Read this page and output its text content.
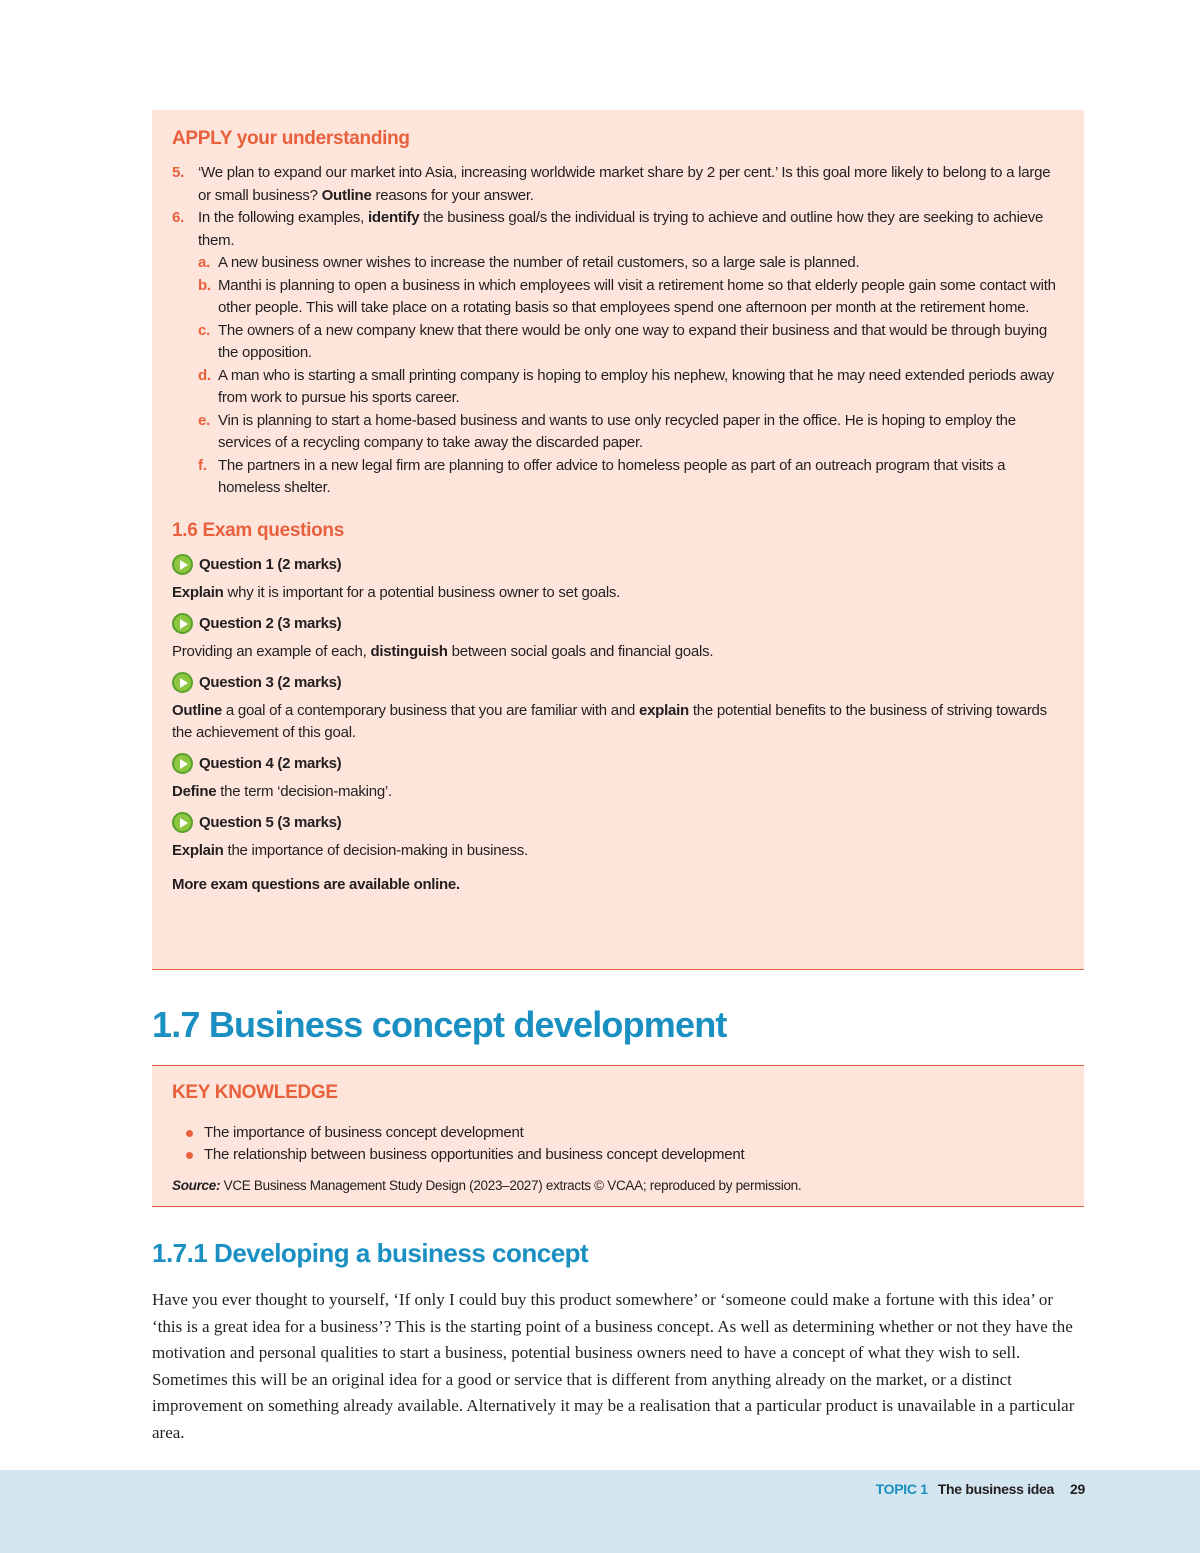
APPLY your understanding
5. ‘We plan to expand our market into Asia, increasing worldwide market share by 2 per cent.’ Is this goal more likely to belong to a large or small business? Outline reasons for your answer.
6. In the following examples, identify the business goal/s the individual is trying to achieve and outline how they are seeking to achieve them.
a. A new business owner wishes to increase the number of retail customers, so a large sale is planned.
b. Manthi is planning to open a business in which employees will visit a retirement home so that elderly people gain some contact with other people. This will take place on a rotating basis so that employees spend one afternoon per month at the retirement home.
c. The owners of a new company knew that there would be only one way to expand their business and that would be through buying the opposition.
d. A man who is starting a small printing company is hoping to employ his nephew, knowing that he may need extended periods away from work to pursue his sports career.
e. Vin is planning to start a home-based business and wants to use only recycled paper in the office. He is hoping to employ the services of a recycling company to take away the discarded paper.
f. The partners in a new legal firm are planning to offer advice to homeless people as part of an outreach program that visits a homeless shelter.
1.6 Exam questions
Question 1 (2 marks)
Explain why it is important for a potential business owner to set goals.
Question 2 (3 marks)
Providing an example of each, distinguish between social goals and financial goals.
Question 3 (2 marks)
Outline a goal of a contemporary business that you are familiar with and explain the potential benefits to the business of striving towards the achievement of this goal.
Question 4 (2 marks)
Define the term ‘decision-making’.
Question 5 (3 marks)
Explain the importance of decision-making in business.
More exam questions are available online.
1.7 Business concept development
KEY KNOWLEDGE
The importance of business concept development
The relationship between business opportunities and business concept development
Source: VCE Business Management Study Design (2023–2027) extracts © VCAA; reproduced by permission.
1.7.1 Developing a business concept

Have you ever thought to yourself, ‘If only I could buy this product somewhere’ or ‘someone could make a fortune with this idea’ or ‘this is a great idea for a business’? This is the starting point of a business concept. As well as determining whether or not they have the motivation and personal qualities to start a business, potential business owners need to have a concept of what they wish to sell. Sometimes this will be an original idea for a good or service that is different from anything already on the market, or a distinct improvement on something already available. Alternatively it may be a realisation that a particular product is unavailable in a particular area.

TOPIC 1 The business idea 29
